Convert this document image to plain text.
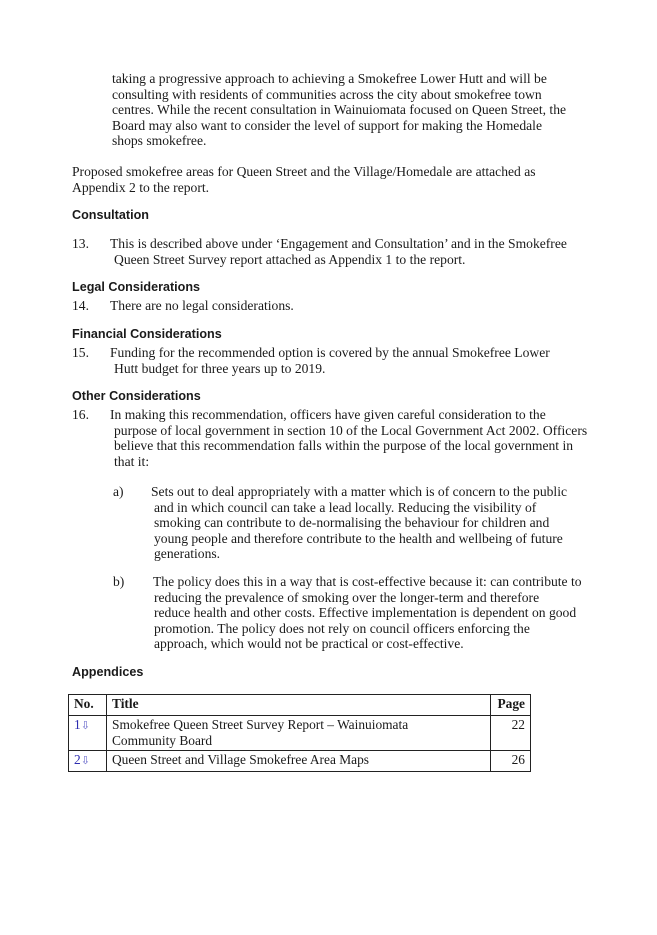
taking a progressive approach to achieving a Smokefree Lower Hutt and will be
consulting with residents of communities across the city about smokefree town
centres. While the recent consultation in Wainuiomata focused on Queen Street, the
Board may also want to consider the level of support for making the Homedale
shops smokefree.
Proposed smokefree areas for Queen Street and the Village/Homedale are attached as
Appendix 2 to the report.
Consultation
13. This is described above under ‘Engagement and Consultation’ and in the Smokefree
Queen Street Survey report attached as Appendix 1 to the report.
Legal Considerations
14. There are no legal considerations.
Financial Considerations
15. Funding for the recommended option is covered by the annual Smokefree Lower
Hutt budget for three years up to 2019.
Other Considerations
16. In making this recommendation, officers have given careful consideration to the
purpose of local government in section 10 of the Local Government Act 2002. Officers
believe that this recommendation falls within the purpose of the local government in
that it:
a) Sets out to deal appropriately with a matter which is of concern to the public
and in which council can take a lead locally. Reducing the visibility of
smoking can contribute to de-normalising the behaviour for children and
young people and therefore contribute to the health and wellbeing of future
generations.
b) The policy does this in a way that is cost-effective because it: can contribute to
reducing the prevalence of smoking over the longer-term and therefore
reduce health and other costs. Effective implementation is dependent on good
promotion. The policy does not rely on council officers enforcing the
approach, which would not be practical or cost-effective.
Appendices
No.	Title	Page
1⇩	Smokefree Queen Street Survey Report – Wainuiomata
Community Board	22
2⇩	Queen Street and Village Smokefree Area Maps	26
